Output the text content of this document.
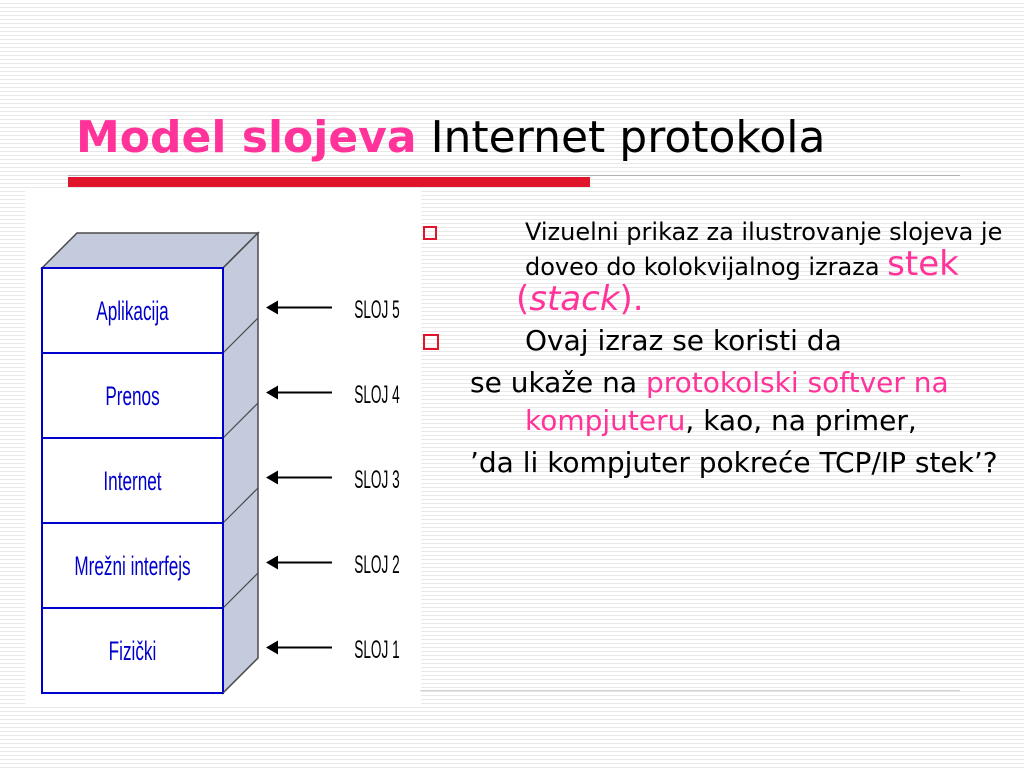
Model slojeva Internet protokola
Aplikacija	SLOJ 5
Prenos	SLOJ 4
Internet	SLOJ 3
Mrežni interfejs	SLOJ 2
Fizički	SLOJ 1
Vizuelni prikaz za ilustrovanje slojeva je doveo do kolokvijalnog izraza stek
(stack).
Ovaj izraz se koristi da
se ukaže na protokolski softver na kompjuteru, kao, na primer,
’da li kompjuter pokreće TCP/IP stek’?
